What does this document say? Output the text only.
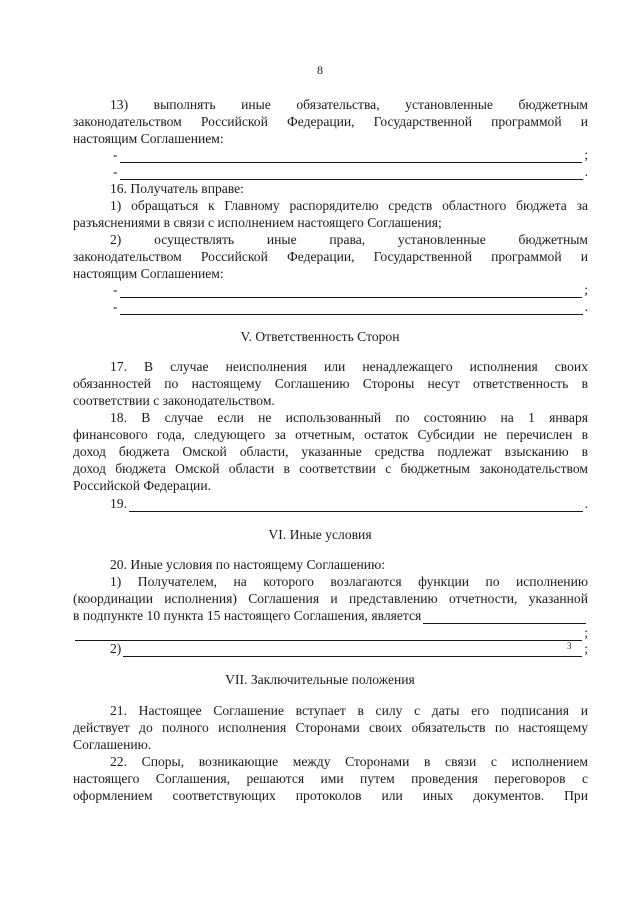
8
13) выполнять иные обязательства, установленные бюджетным
законодательством Российской Федерации, Государственной программой и
настоящим Соглашением:
-	;
-	.
16. Получатель вправе:
1) обращаться к Главному распорядителю средств областного бюджета за
разъяснениями в связи с исполнением настоящего Соглашения;
2) осуществлять иные права, установленные бюджетным
законодательством Российской Федерации, Государственной программой и
настоящим Соглашением:
-	;
-	.
V. Ответственность Сторон
17. В случае неисполнения или ненадлежащего исполнения своих
обязанностей по настоящему Соглашению Стороны несут ответственность в
соответствии с законодательством.
18. В случае если не использованный по состоянию на 1 января
финансового года, следующего за отчетным, остаток Субсидии не перечислен в
доход бюджета Омской области, указанные средства подлежат взысканию в
доход бюджета Омской области в соответствии с бюджетным законодательством
Российской Федерации.
19.	.
VI. Иные условия
20. Иные условия по настоящему Соглашению:
1) Получателем, на которого возлагаются функции по исполнению
(координации исполнения) Соглашения и представлению отчетности, указанной
в подпункте 10 пункта 15 настоящего Соглашения, является
;
2)	;
3
VII. Заключительные положения
21. Настоящее Соглашение вступает в силу с даты его подписания и
действует до полного исполнения Сторонами своих обязательств по настоящему
Соглашению.
22. Споры, возникающие между Сторонами в связи с исполнением
настоящего Соглашения, решаются ими путем проведения переговоров с
оформлением соответствующих протоколов или иных документов. При
